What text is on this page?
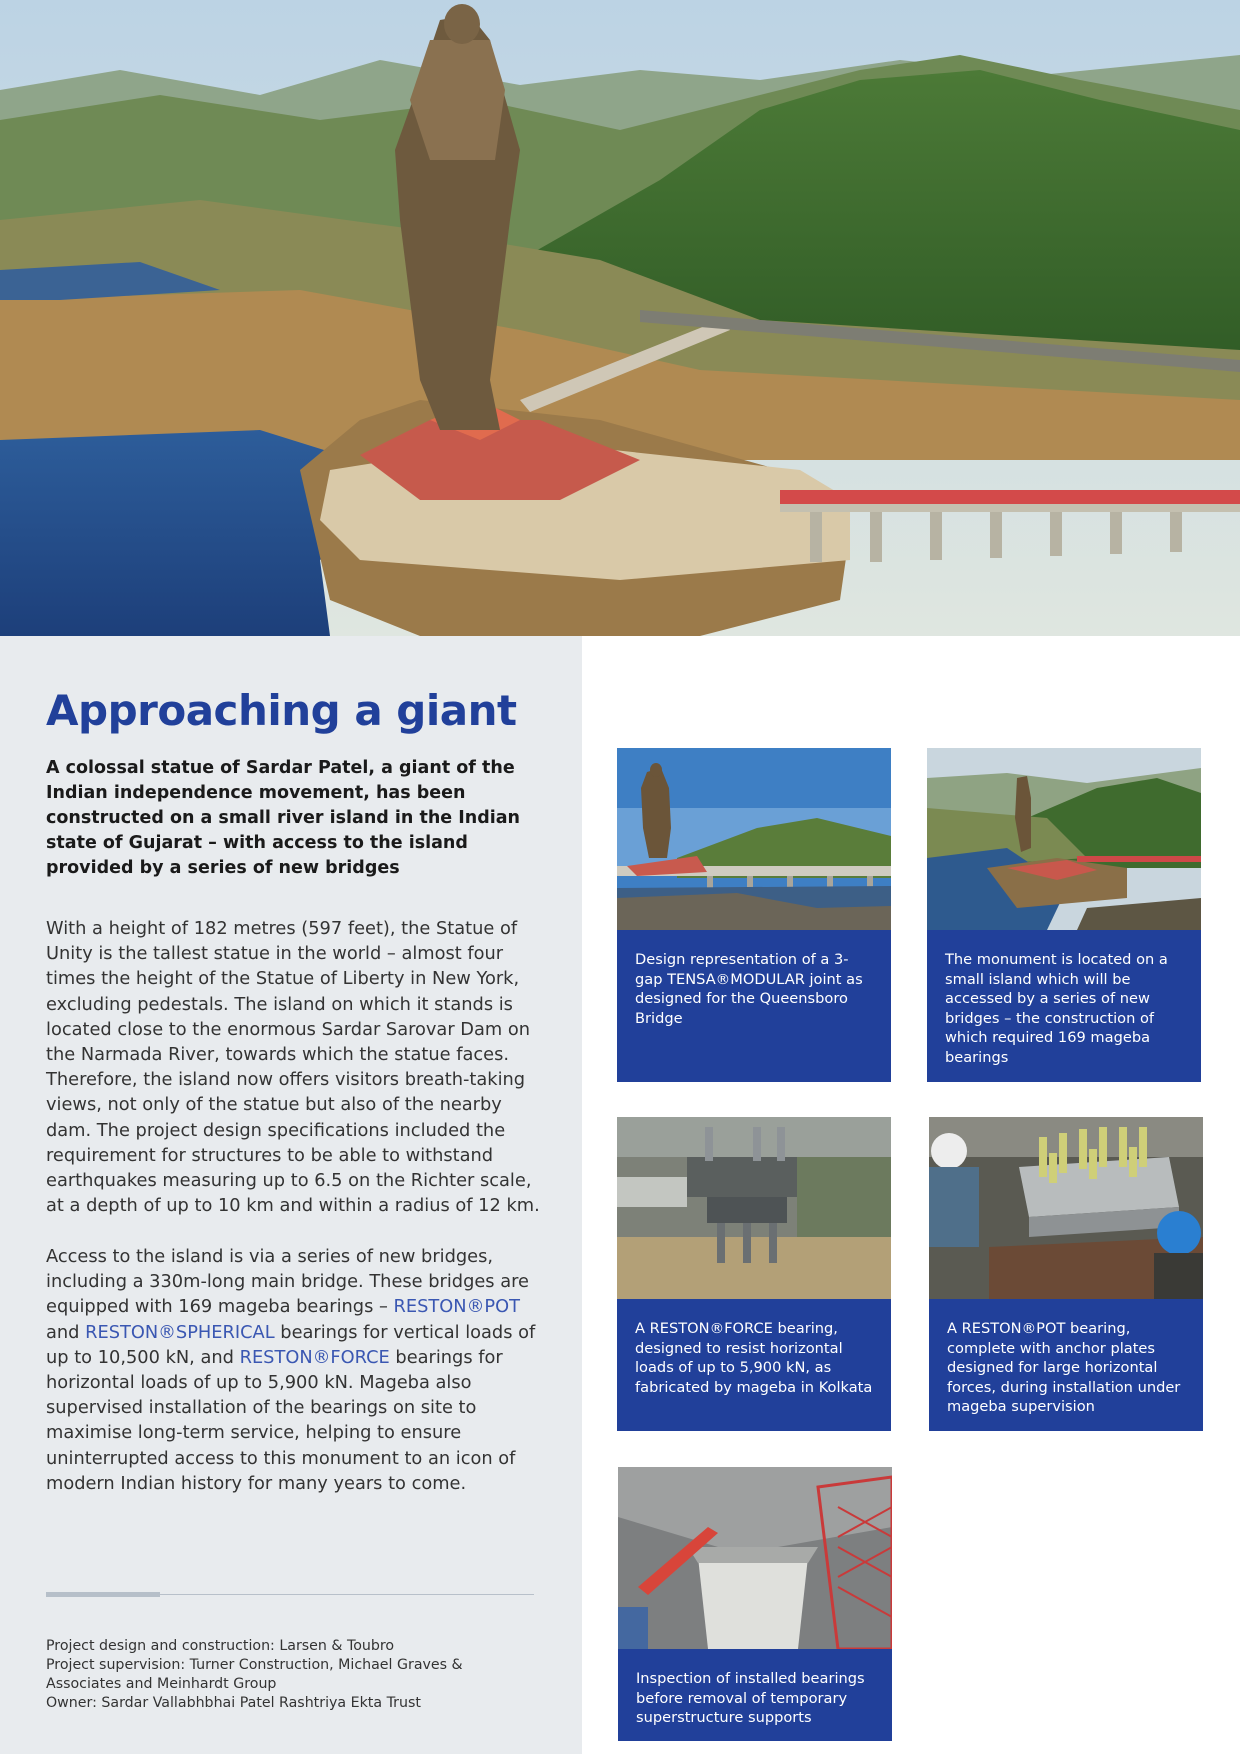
Approaching a giant

A colossal statue of Sardar Patel, a giant of the Indian independence movement, has been constructed on a small river island in the Indian state of Gujarat – with access to the island provided by a series of new bridges

With a height of 182 metres (597 feet), the Statue of Unity is the tallest statue in the world – almost four times the height of the Statue of Liberty in New York, excluding pedestals. The island on which it stands is located close to the enormous Sardar Sarovar Dam on the Narmada River, towards which the statue faces. Therefore, the island now offers visitors breath-taking views, not only of the statue but also of the nearby dam. The project design specifications included the requirement for structures to be able to withstand earthquakes measuring up to 6.5 on the Richter scale, at a depth of up to 10 km and within a radius of 12 km.

Access to the island is via a series of new bridges, including a 330m-long main bridge. These bridges are equipped with 169 mageba bearings – RESTON®POT and RESTON®SPHERICAL bearings for vertical loads of up to 10,500 kN, and RESTON®FORCE bearings for horizontal loads of up to 5,900 kN. Mageba also supervised installation of the bearings on site to maximise long-term service, helping to ensure uninterrupted access to this monument to an icon of modern Indian history for many years to come.

Project design and construction: Larsen & Toubro
Project supervision: Turner Construction, Michael Graves & Associates and Meinhardt Group
Owner: Sardar Vallabhbhai Patel Rashtriya Ekta Trust
Design representation of a 3-gap TENSA®MODULAR joint as designed for the Queensboro Bridge
The monument is located on a small island which will be accessed by a series of new bridges – the construction of which required 169 mageba bearings
A RESTON®FORCE bearing, designed to resist horizontal loads of up to 5,900 kN, as fabricated by mageba in Kolkata
A RESTON®POT bearing, complete with anchor plates designed for large horizontal forces, during installation under mageba supervision
Inspection of installed bearings before removal of temporary superstructure supports
